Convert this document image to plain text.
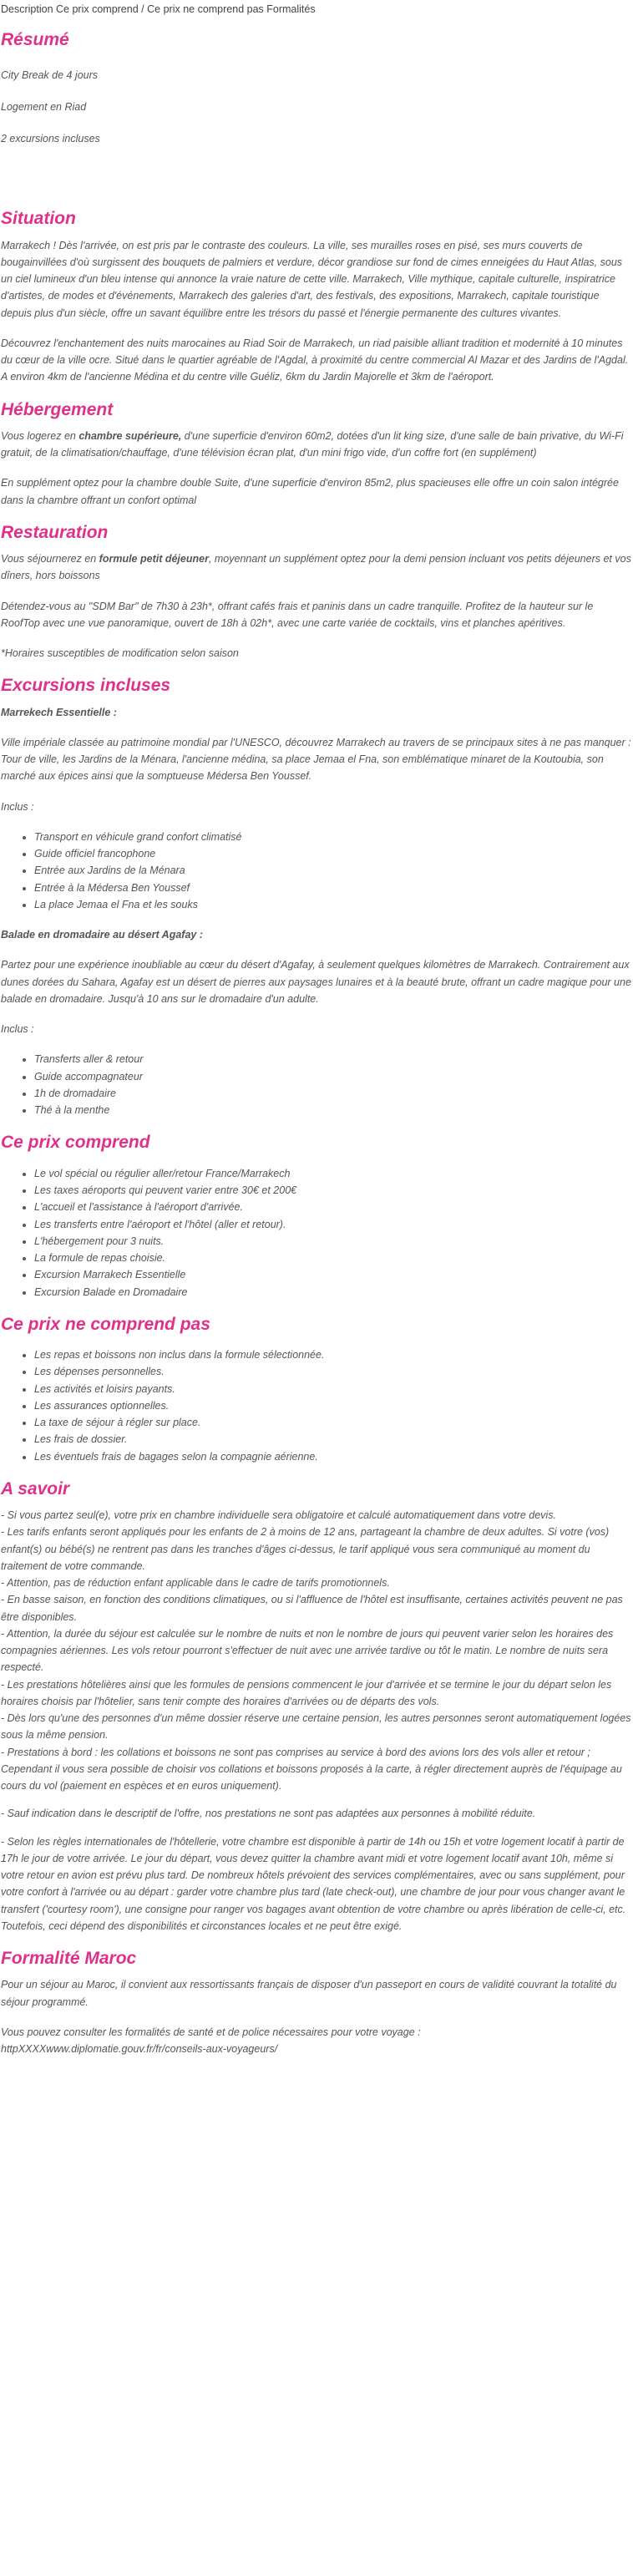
Description Ce prix comprend / Ce prix ne comprend pas Formalités
Résumé

City Break de 4 jours

Logement en Riad

2 excursions incluses

Situation

Marrakech ! Dès l'arrivée, on est pris par le contraste des couleurs. La ville, ses murailles roses en pisé, ses murs couverts de bougainvillées d'où surgissent des bouquets de palmiers et verdure, décor grandiose sur fond de cimes enneigées du Haut Atlas, sous un ciel lumineux d'un bleu intense qui annonce la vraie nature de cette ville. Marrakech, Ville mythique, capitale culturelle, inspiratrice d'artistes, de modes et d'événements, Marrakech des galeries d'art, des festivals, des expositions, Marrakech, capitale touristique depuis plus d'un siècle, offre un savant équilibre entre les trésors du passé et l'énergie permanente des cultures vivantes.

Découvrez l'enchantement des nuits marocaines au Riad Soir de Marrakech, un riad paisible alliant tradition et modernité à 10 minutes du cœur de la ville ocre. Situé dans le quartier agréable de l'Agdal, à proximité du centre commercial Al Mazar et des Jardins de l'Agdal. A environ 4km de l'ancienne Médina et du centre ville Guéliz, 6km du Jardin Majorelle et 3km de l'aéroport.

Hébergement

Vous logerez en chambre supérieure, d'une superficie d'environ 60m2, dotées d'un lit king size, d'une salle de bain privative, du Wi-Fi gratuit, de la climatisation/chauffage, d'une télévision écran plat, d'un mini frigo vide, d'un coffre fort (en supplément)

En supplément optez pour la chambre double Suite, d'une superficie d'environ 85m2, plus spacieuses elle offre un coin salon intégrée dans la chambre offrant un confort optimal

Restauration

Vous séjournerez en formule petit déjeuner, moyennant un supplément optez pour la demi pension incluant vos petits déjeuners et vos dîners, hors boissons

Détendez-vous au "SDM Bar" de 7h30 à 23h*, offrant cafés frais et paninis dans un cadre tranquille. Profitez de la hauteur sur le RoofTop avec une vue panoramique, ouvert de 18h à 02h*, avec une carte variée de cocktails, vins et planches apéritives.

*Horaires susceptibles de modification selon saison

Excursions incluses

Marrekech Essentielle :

Ville impériale classée au patrimoine mondial par l'UNESCO, découvrez Marrakech au travers de se principaux sites à ne pas manquer : Tour de ville, les Jardins de la Ménara, l'ancienne médina, sa place Jemaa el Fna, son emblématique minaret de la Koutoubia, son marché aux épices ainsi que la somptueuse Médersa Ben Youssef.

Inclus :

• Transport en véhicule grand confort climatisé
• Guide officiel francophone
• Entrée aux Jardins de la Ménara
• Entrée à la Médersa Ben Youssef
• La place Jemaa el Fna et les souks

Balade en dromadaire au désert Agafay :

Partez pour une expérience inoubliable au cœur du désert d'Agafay, à seulement quelques kilomètres de Marrakech. Contrairement aux dunes dorées du Sahara, Agafay est un désert de pierres aux paysages lunaires et à la beauté brute, offrant un cadre magique pour une balade en dromadaire. Jusqu'à 10 ans sur le dromadaire d'un adulte.

Inclus :

• Transferts aller & retour
• Guide accompagnateur
• 1h de dromadaire
• Thé à la menthe
Ce prix comprend
• Le vol spécial ou régulier aller/retour France/Marrakech
• Les taxes aéroports qui peuvent varier entre 30€ et 200€
• L'accueil et l'assistance à l'aéroport d'arrivée.
• Les transferts entre l'aéroport et l'hôtel (aller et retour).
• L'hébergement pour 3 nuits.
• La formule de repas choisie.
• Excursion Marrakech Essentielle
• Excursion Balade en Dromadaire
Ce prix ne comprend pas
• Les repas et boissons non inclus dans la formule sélectionnée.
• Les dépenses personnelles.
• Les activités et loisirs payants.
• Les assurances optionnelles.
• La taxe de séjour à régler sur place.
• Les frais de dossier.
• Les éventuels frais de bagages selon la compagnie aérienne.
A savoir

- Si vous partez seul(e), votre prix en chambre individuelle sera obligatoire et calculé automatiquement dans votre devis.

- Les tarifs enfants seront appliqués pour les enfants de 2 à moins de 12 ans, partageant la chambre de deux adultes. Si votre (vos) enfant(s) ou bébé(s) ne rentrent pas dans les tranches d'âges ci-dessus, le tarif appliqué vous sera communiqué au moment du traitement de votre commande.

- Attention, pas de réduction enfant applicable dans le cadre de tarifs promotionnels.

- En basse saison, en fonction des conditions climatiques, ou si l'affluence de l'hôtel est insuffisante, certaines activités peuvent ne pas être disponibles.

- Attention, la durée du séjour est calculée sur le nombre de nuits et non le nombre de jours qui peuvent varier selon les horaires des compagnies aériennes. Les vols retour pourront s'effectuer de nuit avec une arrivée tardive ou tôt le matin. Le nombre de nuits sera respecté.

- Les prestations hôtelières ainsi que les formules de pensions commencent le jour d'arrivée et se termine le jour du départ selon les horaires choisis par l'hôtelier, sans tenir compte des horaires d'arrivées ou de départs des vols.

- Dès lors qu'une des personnes d'un même dossier réserve une certaine pension, les autres personnes seront automatiquement logées sous la même pension.

- Prestations à bord : les collations et boissons ne sont pas comprises au service à bord des avions lors des vols aller et retour ; Cependant il vous sera possible de choisir vos collations et boissons proposés à la carte, à régler directement auprès de l'équipage au cours du vol (paiement en espèces et en euros uniquement).

- Sauf indication dans le descriptif de l'offre, nos prestations ne sont pas adaptées aux personnes à mobilité réduite.

- Selon les règles internationales de l'hôtellerie, votre chambre est disponible à partir de 14h ou 15h et votre logement locatif à partir de 17h le jour de votre arrivée. Le jour du départ, vous devez quitter la chambre avant midi et votre logement locatif avant 10h, même si votre retour en avion est prévu plus tard. De nombreux hôtels prévoient des services complémentaires, avec ou sans supplément, pour votre confort à l'arrivée ou au départ : garder votre chambre plus tard (late check-out), une chambre de jour pour vous changer avant le transfert ('courtesy room'), une consigne pour ranger vos bagages avant obtention de votre chambre ou après libération de celle-ci, etc. Toutefois, ceci dépend des disponibilités et circonstances locales et ne peut être exigé.

Formalité Maroc

Pour un séjour au Maroc, il convient aux ressortissants français de disposer d'un passeport en cours de validité couvrant la totalité du séjour programmé.

Vous pouvez consulter les formalités de santé et de police nécessaires pour votre voyage :

httpXXXXwww.diplomatie.gouv.fr/fr/conseils-aux-voyageurs/
